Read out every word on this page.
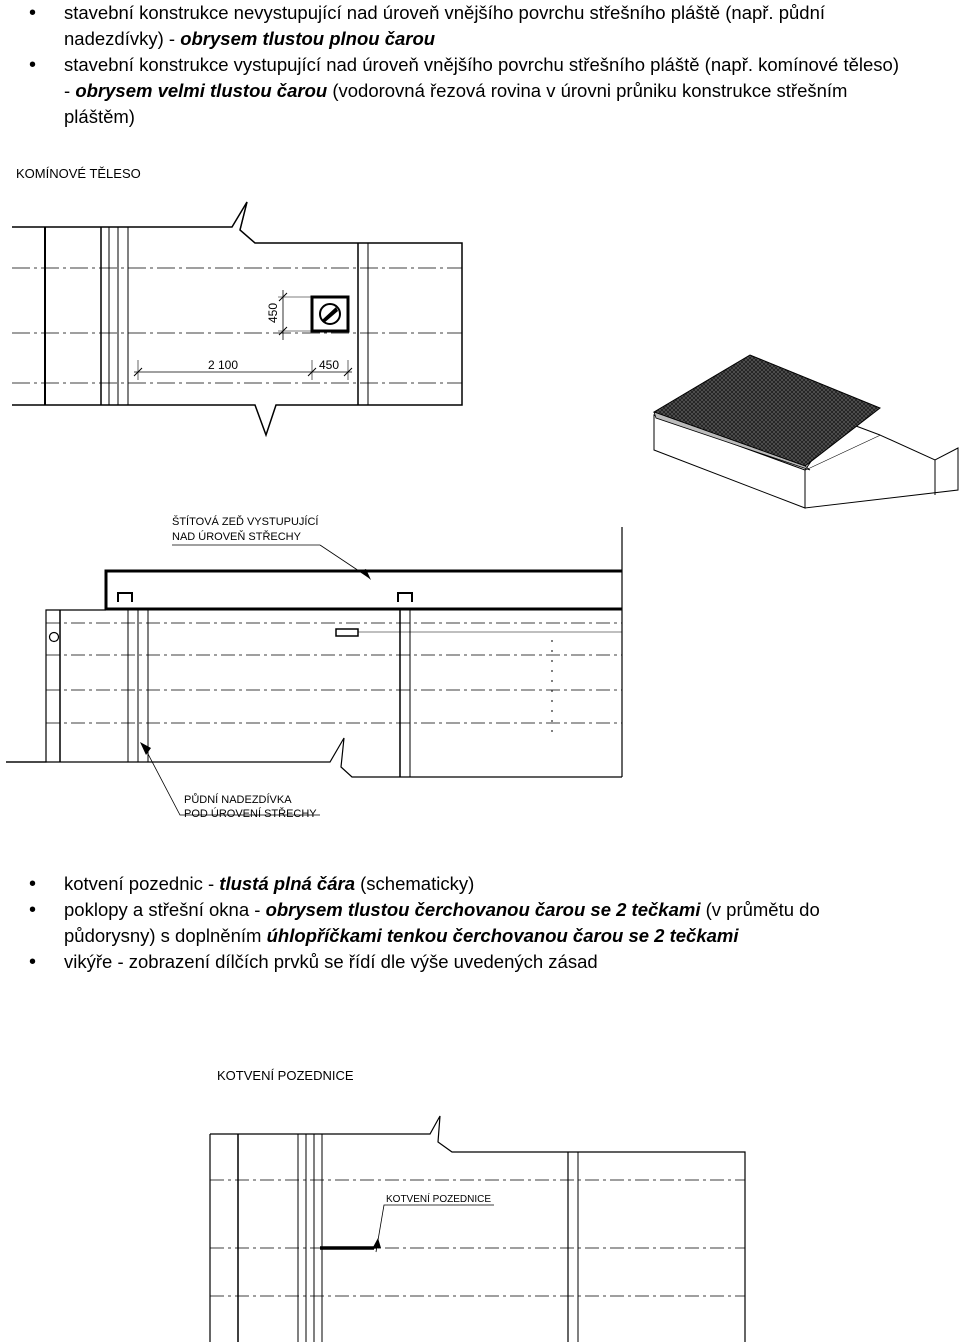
• stavební konstrukce nevystupující nad úroveň vnějšího povrchu střešního pláště (např. půdní nadezdívky) - obrysem tlustou plnou čarou
• stavební konstrukce vystupující nad úroveň vnějšího povrchu střešního pláště (např. komínové těleso) - obrysem velmi tlustou čarou (vodorovná řezová rovina v úrovni průniku konstrukce střešním pláštěm)
KOMÍNOVÉ TĚLESO
450
2 100	450
ŠTÍTOVÁ ZEĎ VYSTUPUJÍCÍ
NAD ÚROVEŇ STŘECHY
PŮDNÍ NADEZDÍVKA
POD ÚROVENÍ STŘECHY
• kotvení pozednic - tlustá plná čára (schematicky)
• poklopy a střešní okna - obrysem tlustou čerchovanou čarou se 2 tečkami (v průmětu do půdorysny) s doplněním úhlopříčkami tenkou čerchovanou čarou se 2 tečkami
• vikýře - zobrazení dílčích prvků se řídí dle výše uvedených zásad
KOTVENÍ POZEDNICE
KOTVENÍ POZEDNICE
